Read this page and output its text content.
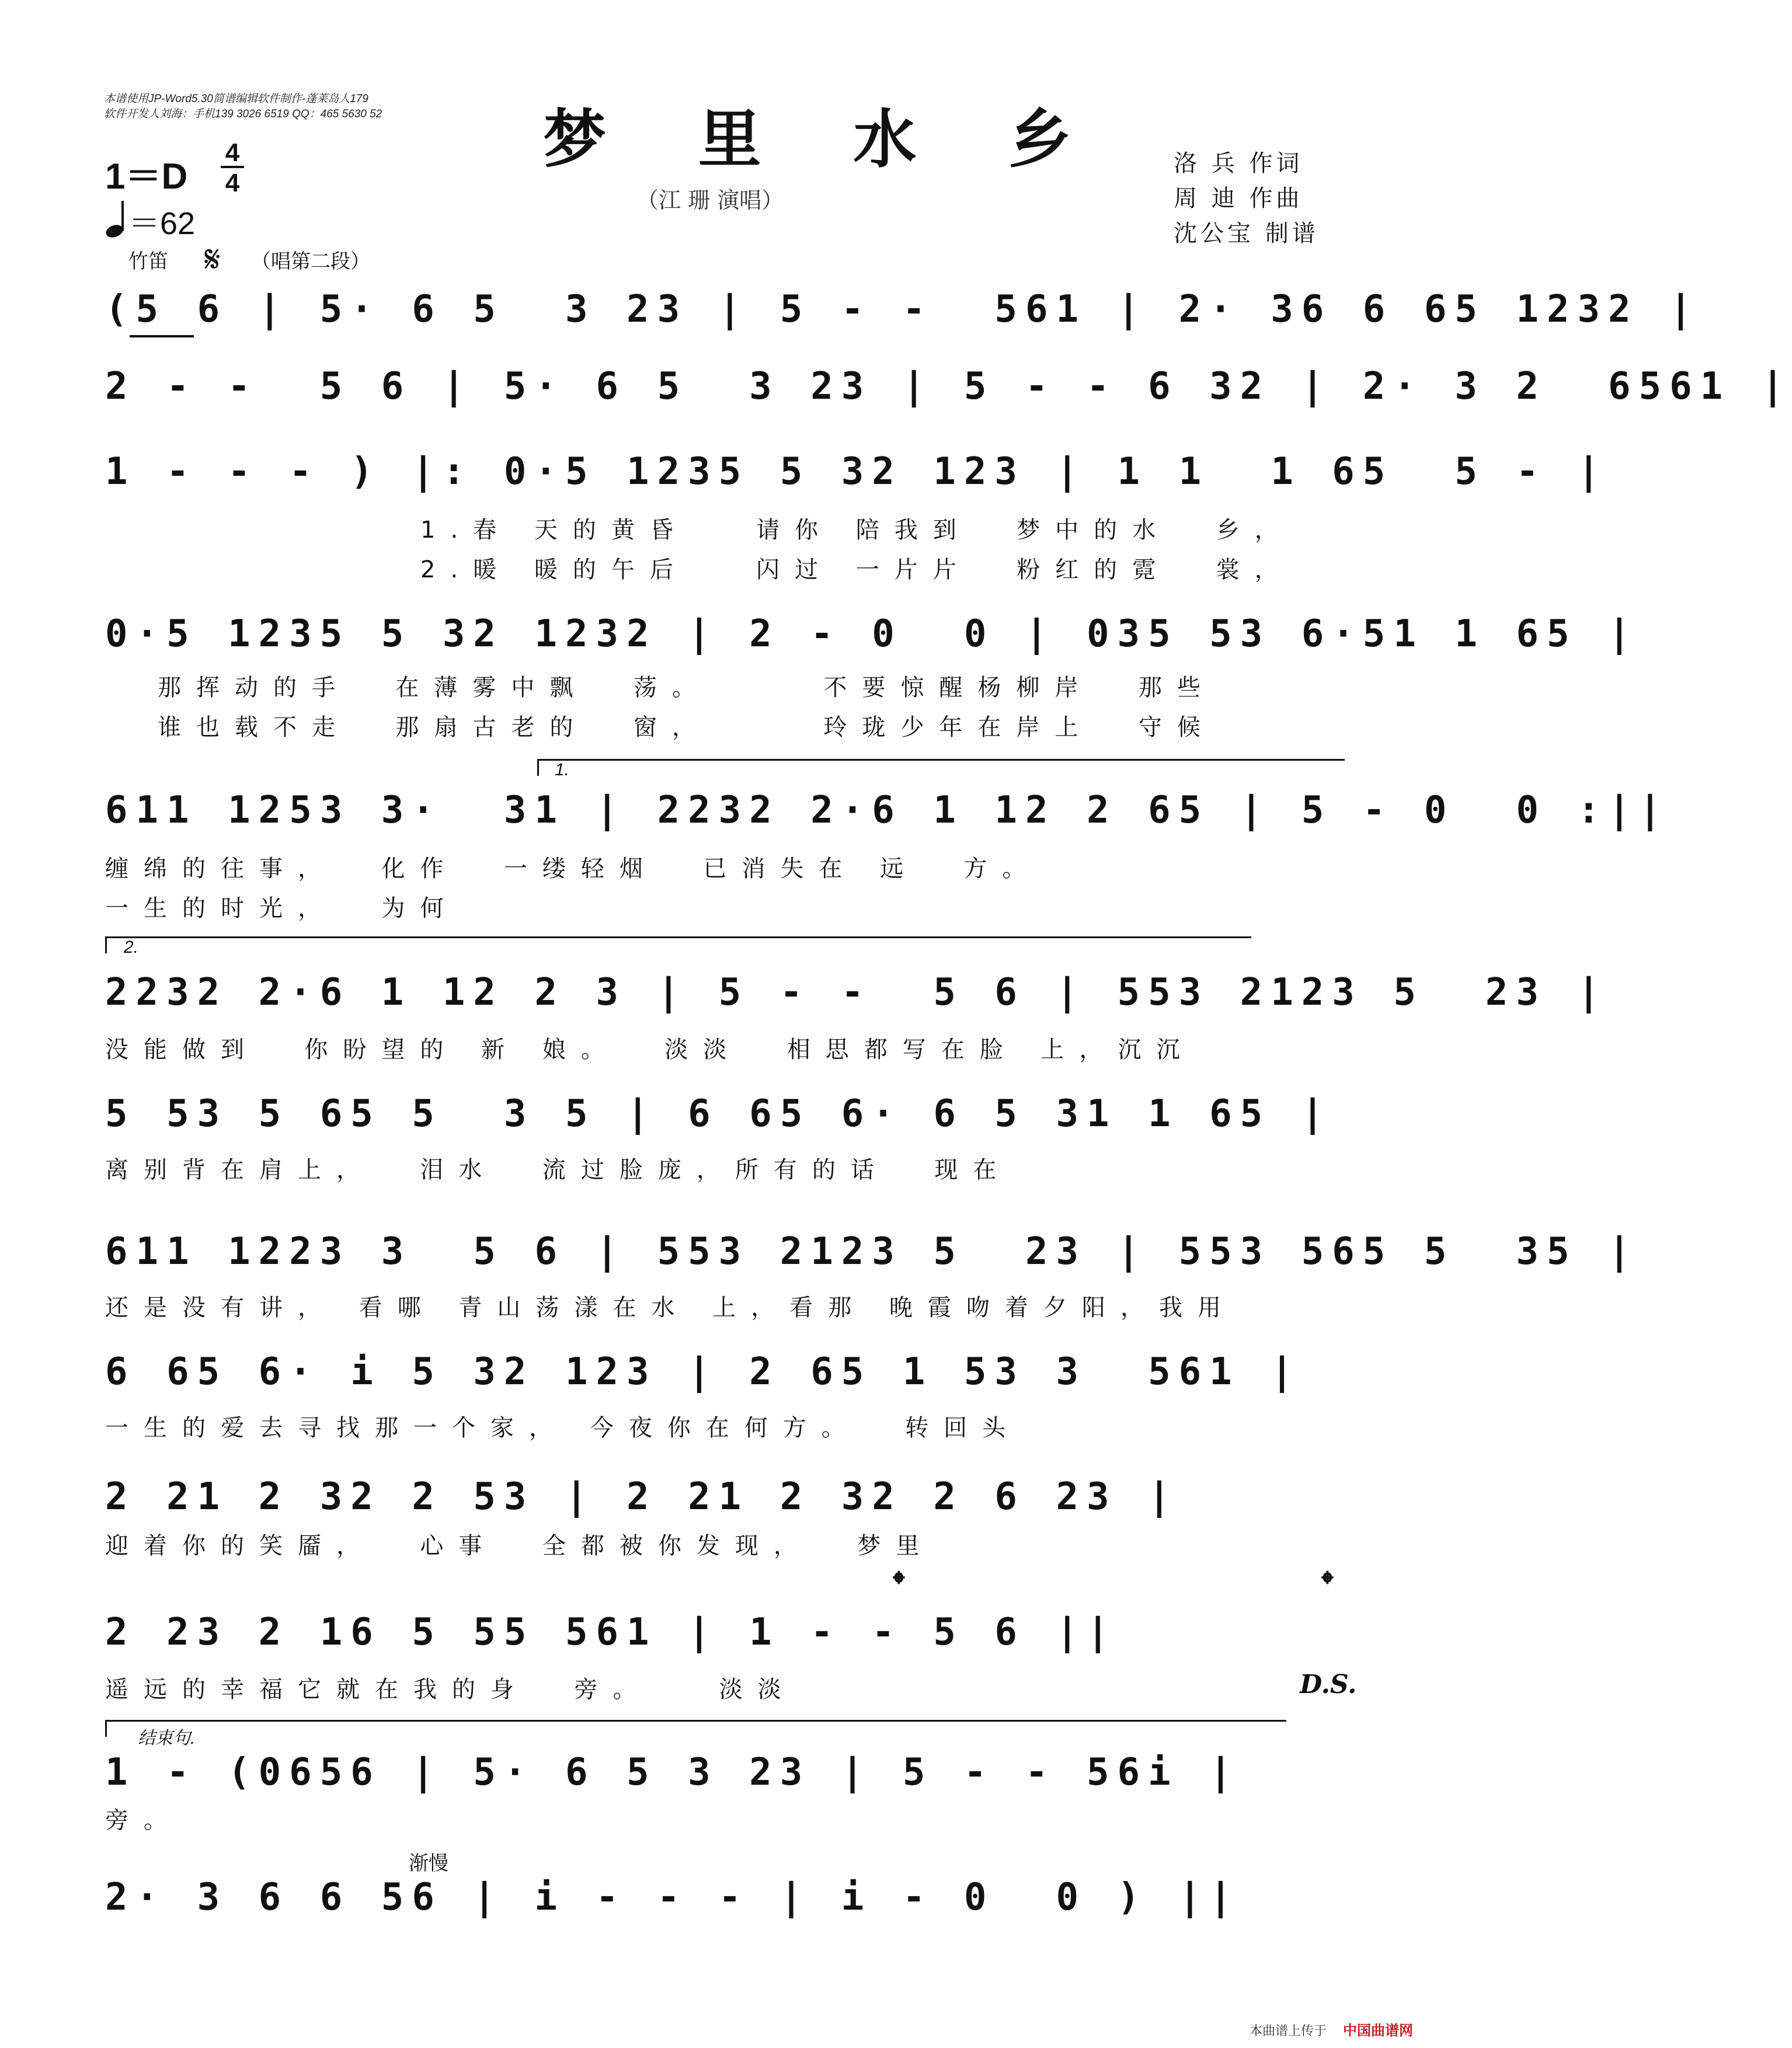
本谱使用JP-Word5.30简谱编辑软件制作-蓬莱岛人179
软件开发人刘海：手机139 3026 6519 QQ：465 5630 52	梦 里 水 乡
（江 珊 演唱）
洛 兵 作词
周 迪 作曲
沈公宝 制谱
1＝D
4
4
＝62
竹笛 𝄋 （唱第二段）
(5 6 | 5· 6 5  3 23 | 5 - -  561 | 2· 36 6 65 1232 |
2 - -  5 6 | 5· 6 5  3 23 | 5 - - 6 32 | 2· 3 2  6561 |
1 - - - ) |: 0·5 1235 5 32 123 | 1 1  1 65  5 - |
1.春 天的黄昏   请你 陪我到  梦中的水  乡，
2.暖 暖的午后   闪过 一片片  粉红的霓  裳，
0·5 1235 5 32 1232 | 2 - 0  0 | 035 53 6·51 1 65 |
那挥动的手  在薄雾中飘  荡。     不要惊醒杨柳岸  那些
谁也载不走  那扇古老的  窗，     玲珑少年在岸上  守候
1.
611 1253 3·  31 | 2232 2·6 1 12 2 65 | 5 - 0  0 :||
缠绵的往事，  化作  一缕轻烟  已消失在 远  方。
一生的时光，  为何
2.
2232 2·6 1 12 2 3 | 5 - -  5 6 | 553 2123 5  23 |
没能做到  你盼望的 新 娘。  淡淡  相思都写在脸 上，沉沉
5 53 5 65 5  3 5 | 6 65 6· 6 5 31 1 65 |
离别背在肩上，  泪水  流过脸庞，所有的话  现在
611 1223 3  5 6 | 553 2123 5  23 | 553 565 5  35 |
还是没有讲， 看哪 青山荡漾在水 上，看那 晚霞吻着夕阳，我用
6 65 6· i 5 32 123 | 2 65 1 53 3  561 |
一生的爱去寻找那一个家， 今夜你在何方。  转回头
2 21 2 32 2 53 | 2 21 2 32 2 6 23 |
迎着你的笑靥，  心事  全都被你发现，  梦里
𝄌	𝄌
2 23 2 16 5 55 561 | 1 - - 5 6 ||
遥远的幸福它就在我的身  旁。   淡淡	D.S.
结束句.
1 - (0656 | 5· 6 5 3 23 | 5 - - 56i |
旁。
渐慢
2· 3 6 6 56 | i - - - | i - 0  0 ) ||
本曲谱上传于 中国曲谱网
